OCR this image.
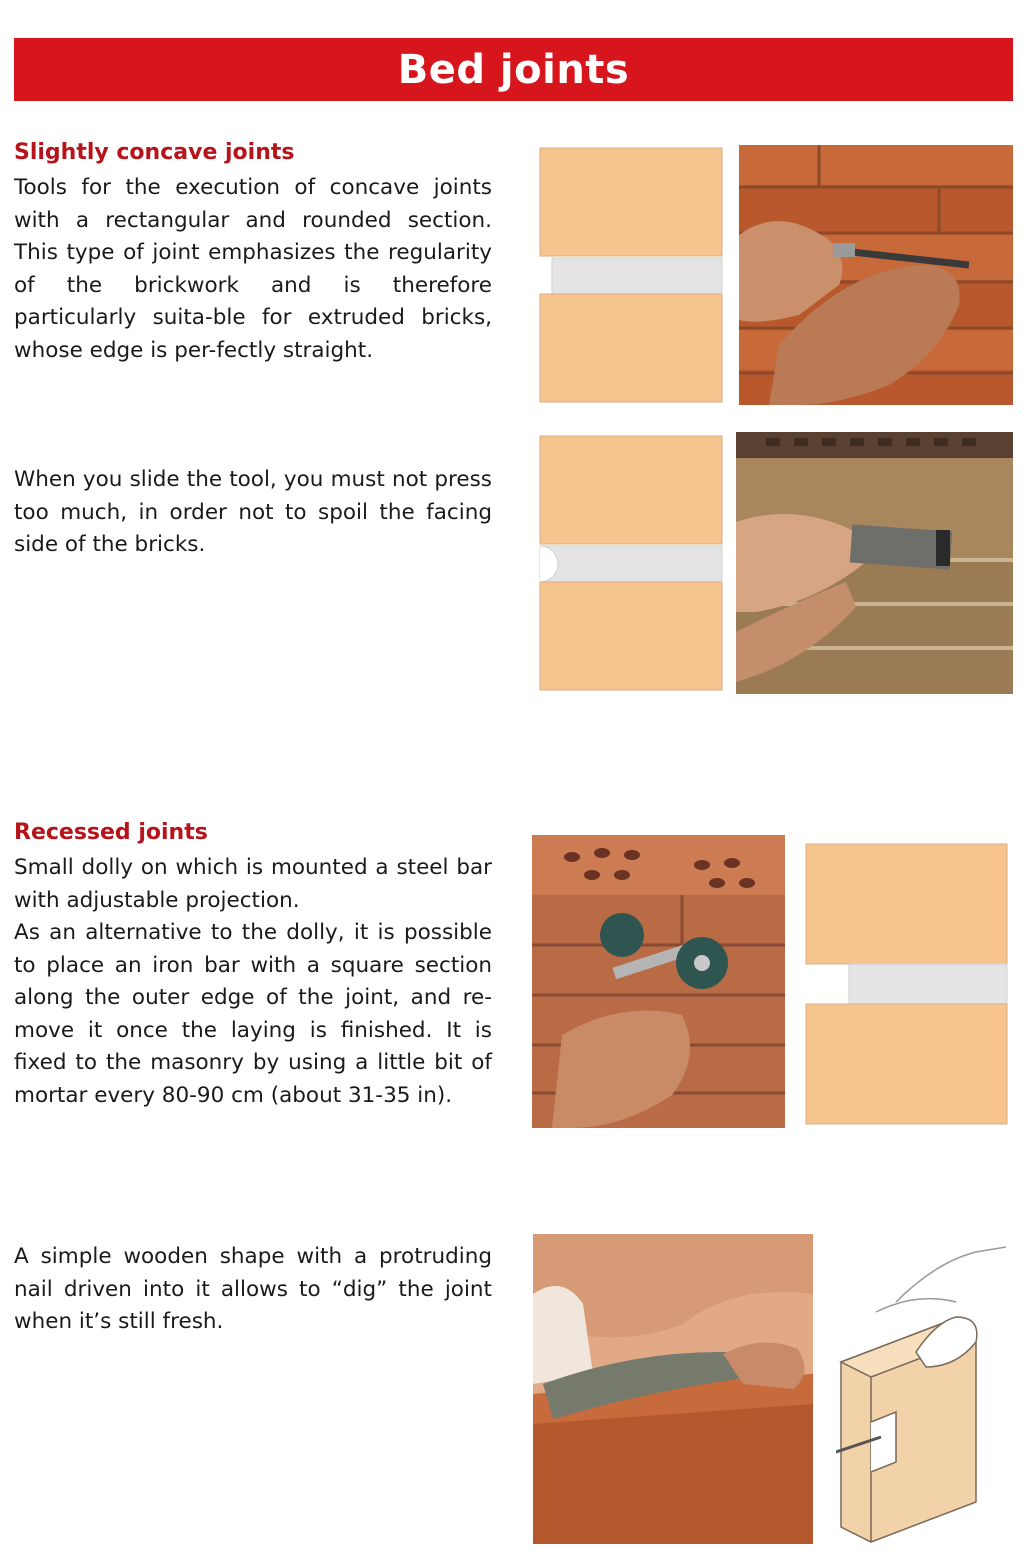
Bed joints
Slightly concave joints

Tools for the execution of concave joints with a rectangular and rounded section. This type of joint emphasizes the regularity of the brickwork and is therefore particularly suita-ble for extruded bricks, whose edge is per-fectly straight.

When you slide the tool, you must not press too much, in order not to spoil the facing side of the bricks.

Recessed joints

Small dolly on which is mounted a steel bar with adjustable projection.

As an alternative to the dolly, it is possible to place an iron bar with a square section along the outer edge of the joint, and re-move it once the laying is finished. It is fixed to the masonry by using a little bit of mortar every 80-90 cm (about 31-35 in).

A simple wooden shape with a protruding nail driven into it allows to “dig” the joint when it’s still fresh.
